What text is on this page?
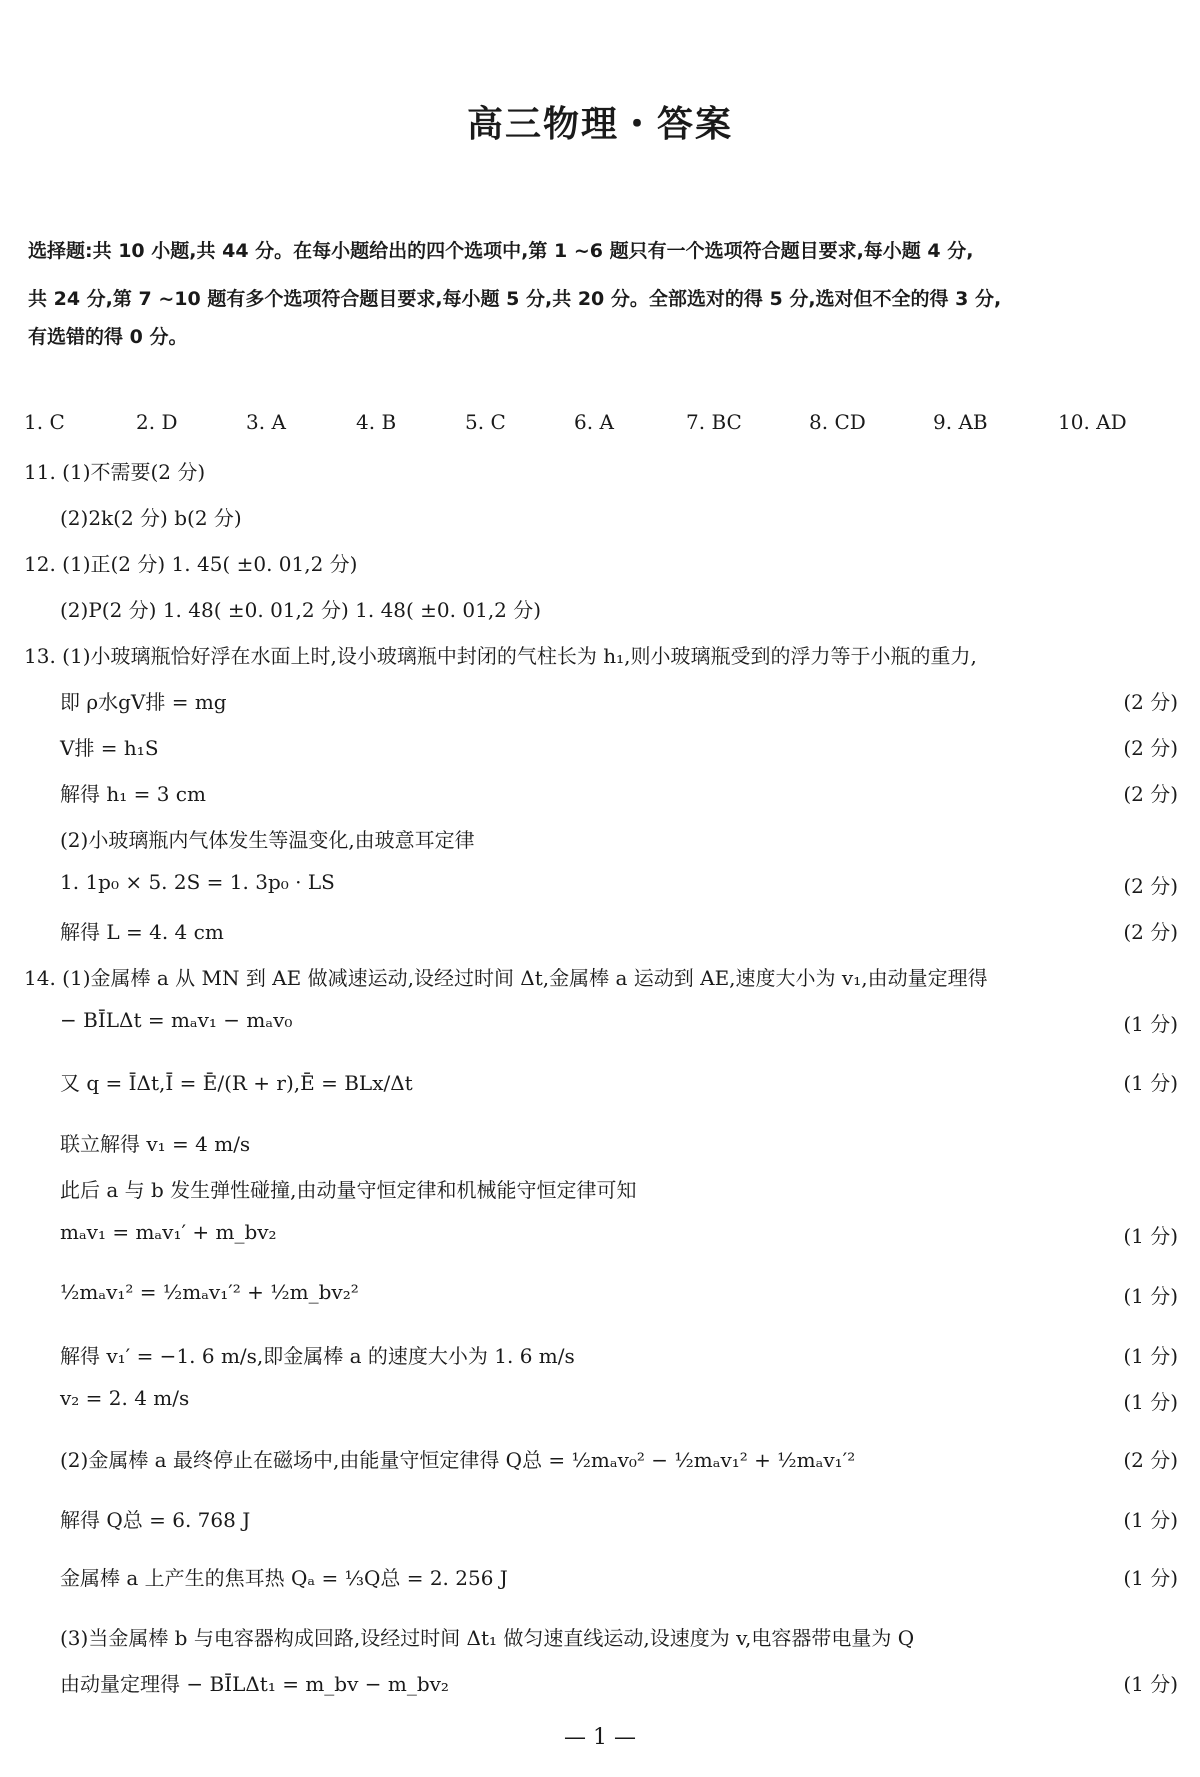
高三物理・答案
选择题:共 10 小题,共 44 分。在每小题给出的四个选项中,第 1 ~6 题只有一个选项符合题目要求,每小题 4 分,
共 24 分,第 7 ~10 题有多个选项符合题目要求,每小题 5 分,共 20 分。全部选对的得 5 分,选对但不全的得 3 分,
有选错的得 0 分。
1. C	2. D	3. A	4. B	5. C	6. A	7. BC	8. CD	9. AB	10. AD
11. (1)不需要(2 分)
(2)2k(2 分) b(2 分)
12. (1)正(2 分) 1. 45( ±0. 01,2 分)
(2)P(2 分) 1. 48( ±0. 01,2 分) 1. 48( ±0. 01,2 分)
13. (1)小玻璃瓶恰好浮在水面上时,设小玻璃瓶中封闭的气柱长为 h₁,则小玻璃瓶受到的浮力等于小瓶的重力,
即 ρ水gV排 = mg	(2 分)
V排 = h₁S	(2 分)
解得 h₁ = 3 cm	(2 分)
(2)小玻璃瓶内气体发生等温变化,由玻意耳定律
1. 1p₀ × 5. 2S = 1. 3p₀ · LS	(2 分)
解得 L = 4. 4 cm	(2 分)
14. (1)金属棒 a 从 MN 到 AE 做减速运动,设经过时间 Δt,金属棒 a 运动到 AE,速度大小为 v₁,由动量定理得
− BĪLΔt = mₐv₁ − mₐv₀	(1 分)
又 q = ĪΔt,Ī = Ē/(R + r),Ē = BLx/Δt	(1 分)
联立解得 v₁ = 4 m/s
此后 a 与 b 发生弹性碰撞,由动量守恒定律和机械能守恒定律可知
mₐv₁ = mₐv₁′ + m_bv₂	(1 分)
½mₐv₁² = ½mₐv₁′² + ½m_bv₂²	(1 分)
解得 v₁′ = −1. 6 m/s,即金属棒 a 的速度大小为 1. 6 m/s	(1 分)
v₂ = 2. 4 m/s	(1 分)
(2)金属棒 a 最终停止在磁场中,由能量守恒定律得 Q总 = ½mₐv₀² − ½mₐv₁² + ½mₐv₁′²	(2 分)
解得 Q总 = 6. 768 J	(1 分)
金属棒 a 上产生的焦耳热 Qₐ = ⅓Q总 = 2. 256 J	(1 分)
(3)当金属棒 b 与电容器构成回路,设经过时间 Δt₁ 做匀速直线运动,设速度为 v,电容器带电量为 Q
由动量定理得 − BĪLΔt₁ = m_bv − m_bv₂	(1 分)
— 1 —
